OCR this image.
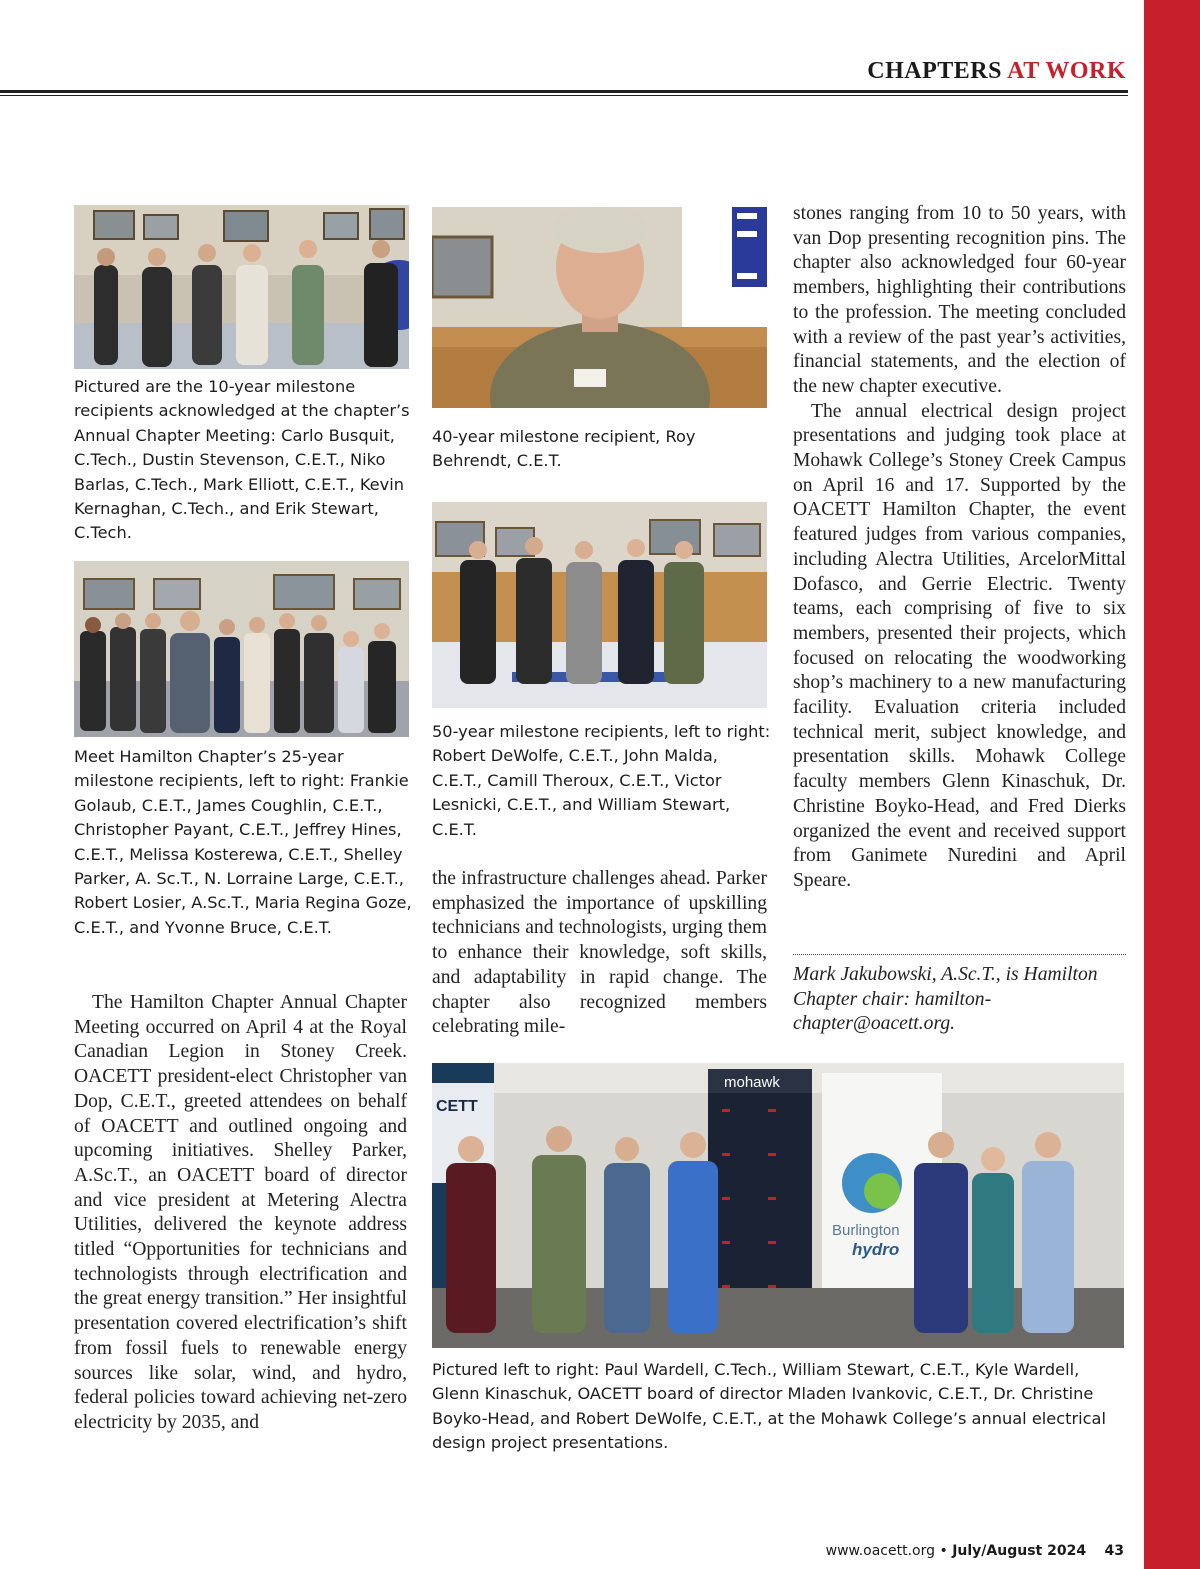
CHAPTERS AT WORK
Pictured are the 10-year milestone recipients acknowledged at the chapter’s Annual Chapter Meeting: Carlo Busquit, C.Tech., Dustin Stevenson, C.E.T., Niko Barlas, C.Tech., Mark Elliott, C.E.T., Kevin Kernaghan, C.Tech., and Erik Stewart, C.Tech.
Meet Hamilton Chapter’s 25-year milestone recipients, left to right: Frankie Golaub, C.E.T., James Coughlin, C.E.T., Christopher Payant, C.E.T., Jeffrey Hines, C.E.T., Melissa Kosterewa, C.E.T., Shelley Parker, A. Sc.T., N. Lorraine Large, C.E.T., Robert Losier, A.Sc.T., Maria Regina Goze, C.E.T., and Yvonne Bruce, C.E.T.

The Hamilton Chapter Annual Chapter Meeting occurred on April 4 at the Royal Canadian Legion in Stoney Creek. OACETT president-elect Christopher van Dop, C.E.T., greeted attendees on behalf of OACETT and outlined ongoing and upcoming initiatives. Shelley Parker, A.Sc.T., an OACETT board of director and vice president at Metering Alectra Utilities, delivered the keynote address titled “Opportunities for technicians and technologists through electrification and the great energy transition.” Her insightful presentation covered electrification’s shift from fossil fuels to renewable energy sources like solar, wind, and hydro, federal policies toward achieving net-zero electricity by 2035, and

40-year milestone recipient, Roy Behrendt, C.E.T.
50-year milestone recipients, left to right: Robert DeWolfe, C.E.T., John Malda, C.E.T., Camill Theroux, C.E.T., Victor Lesnicki, C.E.T., and William Stewart, C.E.T.

the infrastructure challenges ahead. Parker emphasized the importance of upskilling technicians and technologists, urging them to enhance their knowledge, soft skills, and adaptability in rapid change. The chapter also recognized members celebrating mile-

stones ranging from 10 to 50 years, with van Dop presenting recognition pins. The chapter also acknowledged four 60-year members, highlighting their contributions to the profession. The meeting concluded with a review of the past year’s activities, financial statements, and the election of the new chapter executive.

The annual electrical design project presentations and judging took place at Mohawk College’s Stoney Creek Campus on April 16 and 17. Supported by the OACETT Hamilton Chapter, the event featured judges from various companies, including Alectra Utilities, ArcelorMittal Dofasco, and Gerrie Electric. Twenty teams, each comprising of five to six members, presented their projects, which focused on relocating the woodworking shop’s machinery to a new manufacturing facility. Evaluation criteria included technical merit, subject knowledge, and presentation skills. Mohawk College faculty members Glenn Kinaschuk, Dr. Christine Boyko-Head, and Fred Dierks organized the event and received support from Ganimete Nuredini and April Speare.

Mark Jakubowski, A.Sc.T., is Hamilton Chapter chair: hamilton-chapter@oacett.org.
CETT
mohawk
Burlington
hydro
Pictured left to right: Paul Wardell, C.Tech., William Stewart, C.E.T., Kyle Wardell, Glenn Kinaschuk, OACETT board of director Mladen Ivankovic, C.E.T., Dr. Christine Boyko-Head, and Robert DeWolfe, C.E.T., at the Mohawk College’s annual electrical design project presentations.
www.oacett.org • July/August 2024 43
